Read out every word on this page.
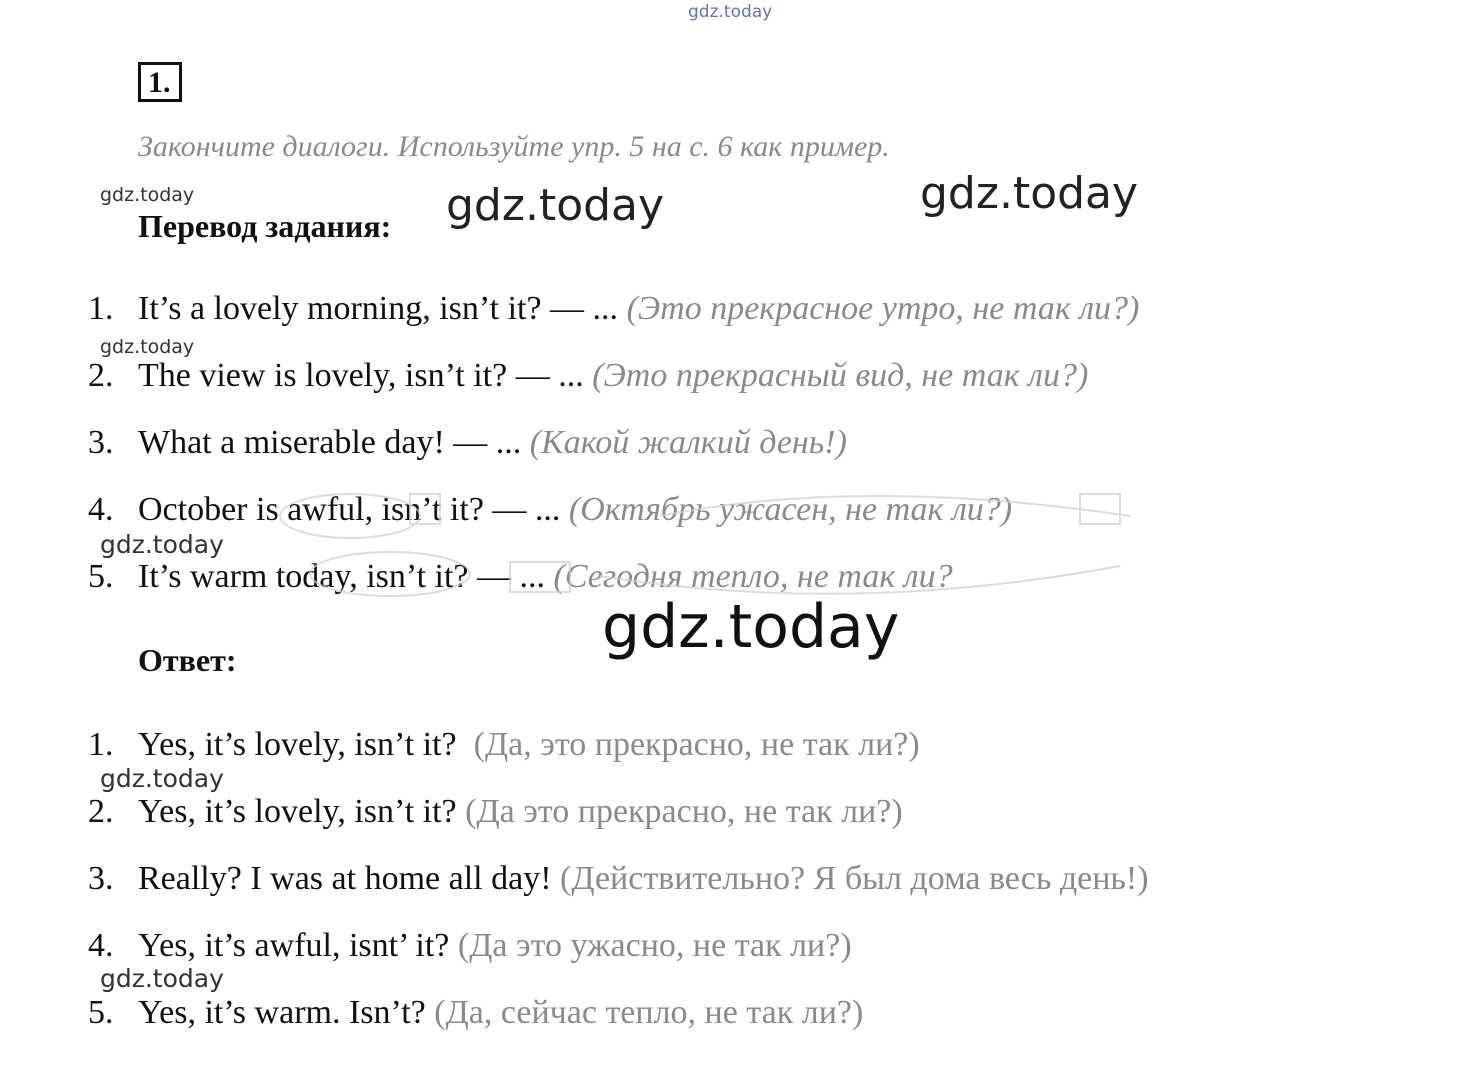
gdz.today
gdz.today	gdz.today	gdz.today
gdz.today
gdz.today
gdz.today
gdz.today
gdz.today
1.
Закончите диалоги. Используйте упр. 5 на с. 6 как пример.
Перевод задания:
1. It’s a lovely morning, isn’t it? — ... (Это прекрасное утро, не так ли?)
2. The view is lovely, isn’t it? — ... (Это прекрасный вид, не так ли?)
3. What a miserable day! — ... (Какой жалкий день!)
4. October is awful, isn’t it? — ... (Октябрь ужасен, не так ли?)
5. It’s warm today, isn’t it? — ... (Сегодня тепло, не так ли?
Ответ:
1. Yes, it’s lovely, isn’t it? (Да, это прекрасно, не так ли?)
2. Yes, it’s lovely, isn’t it? (Да это прекрасно, не так ли?)
3. Really? I was at home all day! (Действительно? Я был дома весь день!)
4. Yes, it’s awful, isnt’ it? (Да это ужасно, не так ли?)
5. Yes, it’s warm. Isn’t? (Да, сейчас тепло, не так ли?)
